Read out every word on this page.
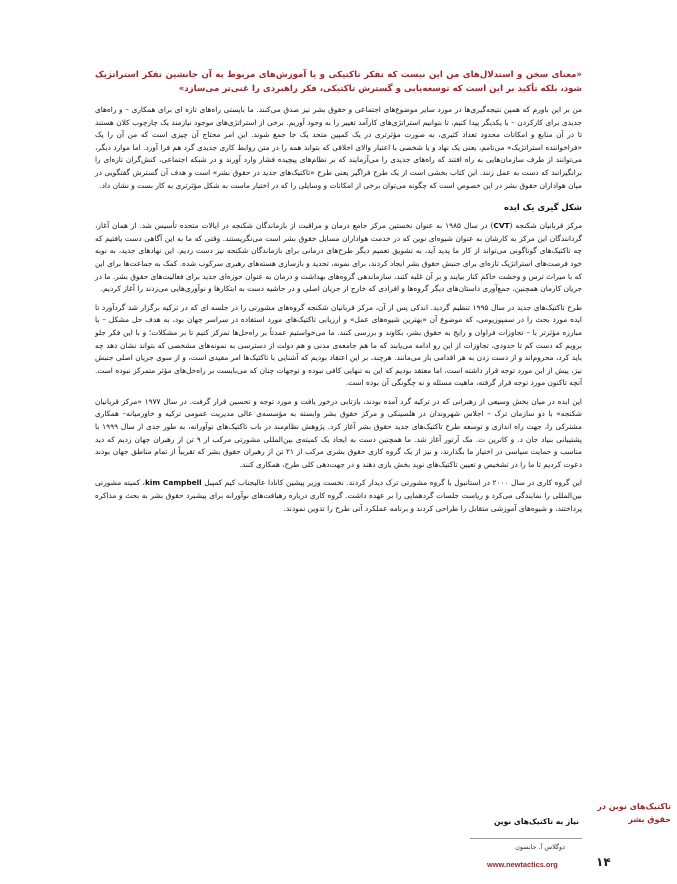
«معنای سخن و استدلال‌های من این نیست که تفکر تاکتیکی و یا آموزش‌های مربوط به آن جانشین تفکر استراتژیک شود، بلکه تأکید بر این است که توسعه‌یابی و گسترش تاکتیکی، فکر راهبردی را غنی‌تر می‌سازد»

من بر این باورم که همین نتیجه‌گیری‌ها در مورد سایر موضوع‌های اجتماعی و حقوق بشر نیز صدق می‌کنند. ما بایستی راه‌های تازه ای برای همکاری – و راه‌های جدیدی برای کارکردن – با یکدیگر پیدا کنیم، تا بتوانیم استراتژی‌های کارآمد تغییر را به وجود آوریم. برخی از استراتژی‌های موجود نیازمند یک چارچوب کلان هستند تا در آن منابع و امکانات محدود تعداد کثیری، به صورت مؤثرتری در یک کمپین متحد یک جا جمع شوند. این امر محتاج آن چیزی است که من آن را یک «فراخواننده استراتژیک» می‌نامم، یعنی یک نهاد و یا شخصی با اعتبار والای اخلاقی که بتواند همه را در متن روابط کاری جدیدی گرد هم فرا آورد. اما موارد دیگر، می‌توانند از طرف سازمان‌هایی به راه افتند که راه‌های جدیدی را می‌آزمایند که بر نظام‌های پیچیده فشار وارد آورند و در شبکه اجتماعی، کنش‌گران تازه‌ای را برانگیزانند که دست به عمل زنند. این کتاب بخشی است از یک طرح فراگیر یعنی طرح «تاکتیک‌های جدید در حقوق بشر» است و هدف آن گسترش گفتگویی در میان هواداران حقوق بشر در این خصوص است که چگونه می‌توان برخی از امکانات و وسایلی را که در اختیار ماست به شکل مؤثرتری به کار بست و نشان داد.

شکل گیری یک ایده

مرکز قربانیان شکنجه (CVT) در سال ۱۹۸۵ به عنوان نخستین مرکز جامع درمان و مراقبت از بازماندگان شکنجه در ایالات متحده تأسیس شد. از همان آغاز، گردانندگان این مرکز به کارشان به عنوان شیوه‌ای نوین که در خدمت هواداران مسایل حقوق بشر است می‌نگریستند. وقتی که ما به این آگاهی دست یافتیم که چه تاکتیک‌های گوناگونی می‌تواند از کار ما پدید آید، به تشویق تعمیم دیگر طرح‌های درمانی برای بازماندگان شکنجه نیز دست زدیم. این نهادهای جدید، به نوبه خود فرصت‌های استراتژیک تازه‌ای برای جنبش حقوق بشر ایجاد کردند، برای نمونه، تجدید و بازسازی هسته‌های رهبری سرکوب شده. کمک به جماعت‌ها برای این که با میراث ترس و وحشت حاکم کنار بیایند و بر آن غلبه کنند، سازماندهی گروه‌های بهداشت و درمان به عنوان حوزه‌ای جدید برای فعالیت‌های حقوق بشر. ما در جریان کارمان همچنین، جمع‌آوری داستان‌های دیگر گروه‌ها و افرادی که خارج از جریان اصلی و در حاشیه دست به ابتکارها و نوآوری‌هایی می‌زدند را آغاز کردیم.

طرح تاکتیک‌های جدید در سال ۱۹۹۵ تنظیم گردید. اندکی پس از آن، مرکز قربانیان شکنجه گروه‌های مشورتی را در جلسه ای که در ترکیه برگزار شد گردآورد تا ایده مورد بحث را در سمپوزیومی، که موضوع آن «بهترین شیوه‌های عمل» و ارزیابی تاکتیک‌های مورد استفاده در سراسر جهان بود، به هدف حل مشکل – یا مبارزه مؤثرتر با – تجاوزات فراوان و رایج به حقوق بشر، بکاوند و بررسی کنند. ما می‌خواستیم عمدتاً بر راه‌حل‌ها تمرکز کنیم تا بر مشکلات؛ و با این فکر جلو برویم که دست کم تا حدودی، تجاوزات از این رو ادامه می‌یابند که ما هم جامعه‌ی مدنی و هم دولت از دسترسی به نمونه‌های مشخصی که بتواند نشان دهد چه باید کرد، محروم‌اند و از دست زدن به هر اقدامی باز می‌مانند. هرچند، بر این اعتقاد بودیم که آشنایی با تاکتیک‌ها امر مفیدی است، و از سوی جریان اصلی جنبش نیز، پیش از این مورد توجه قرار داشته است، اما معتقد بودیم که این به تنهایی کافی نبوده و توجهات چنان که می‌بایست بر راه‌حل‌های مؤثر متمرکز نبوده است. آنچه تاکنون مورد توجه قرار گرفته، ماهیت مسئله و نه چگونگی آن بوده است.

این ایده در میان بخش وسیعی از رهبرانی که در ترکیه گرد آمده بودند، بازتابی درخور یافت و مورد توجه و تحسین قرار گرفت. در سال ۱۹۷۷ «مرکز قربانیان شکنجه» با دو سازمان ترک – اجلاس شهروندان در هلسینکی و مرکز حقوق بشر وابسته به مؤسسه‌ی عالی مدیریت عمومی ترکیه و خاورمیانه– همکاری مشترکی را، جهت راه اندازی و توسعه طرح تاکتیک‌های جدید حقوق بشر آغاز کرد. پژوهش نظام‌مند در باب تاکتیک‌های نوآورانه، به طور جدی از سال ۱۹۹۹ با پشتیبانی بنیاد جان د. و کاترین ت. مک آرتور آغاز شد. ما همچنین دست به ایجاد یک کمیته‌ی بین‌المللی مشورتی مرکب از ۹ تن از رهبران جهان زدیم که دید مناسب و حمایت سیاسی در اختیار ما بگذارند، و نیز از یک گروه کاری حقوق بشری مرکب از ۲۱ تن از رهبران حقوق بشر که تقریباً از تمام مناطق جهان بودند دعوت کردیم تا ما را در تشخیص و تعیین تاکتیک‌های نوید بخش یاری دهند و در جهت‌دهی کلی طرح، همکاری کنند.

این گروه کاری در سال ۲۰۰۰ در استانبول با گروه مشورتی ترک دیدار کردند. نخست وزیر پیشین کانادا عالیجناب کیم کمپبل kim Campbell، کمیته مشورتی بین‌المللی را نمایندگی می‌کرد و ریاست جلسات گردهمایی را بر عهده داشت. گروه کاری درباره رهیافت‌های نوآورانه برای پیشبرد حقوق بشر به بحث و مذاکره پرداختند، و شیوه‌های آموزشی متقابل را طراحی کردند و برنامه عملکرد آتی طرح را تدوین نمودند.

تاکتیک‌های نوین در حقوق بشر
نیاز به تاکتیک‌های نوین
دوگلاس آ. جانسون
www.newtactics.org	۱۴
